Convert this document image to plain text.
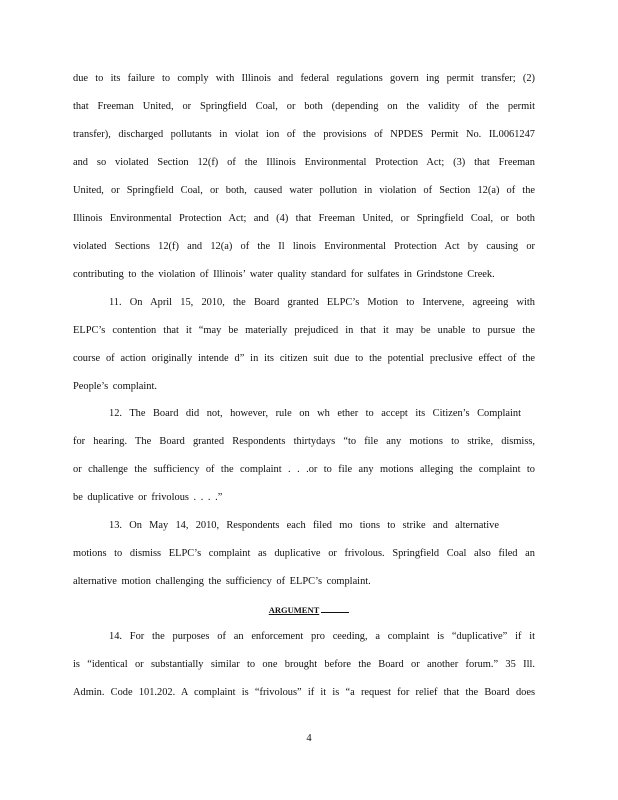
due to its failure to comply with Illinois and federal regulations govern ing permit transfer; (2)
that Freeman United, or Springfield Coal, or both (depending on the validity of the permit
transfer), discharged pollutants in violat ion of the provisions of NPDES Permit No. IL0061247
and so violated Section 12(f) of the Illinois Environmental Protection Act; (3) that Freeman
United, or Springfield Coal, or both, caused water pollution in violation of Section 12(a) of the
Illinois Environmental Protection Act; and (4) that Freeman United, or Springfield Coal, or both
violated Sections 12(f) and 12(a) of the Il linois Environmental Protection Act by causing or
contributing to the violation of Illinois’ water quality standard for sulfates in Grindstone Creek.
11. On April 15, 2010, the Board granted ELPC’s Motion to Intervene, agreeing with
ELPC’s contention that it “may be materially prejudiced in that it may be unable to pursue the
course of action originally intende d” in its citizen suit due to the potential preclusive effect of the
People’s complaint.
12. The Board did not, however, rule on wh ether to accept its Citizen’s Complaint
for hearing. The Board granted Respondents thirtydays “to file any motions to strike, dismiss,
or challenge the sufficiency of the complaint . . .or to file any motions alleging the complaint to
be duplicative or frivolous . . . .”
13. On May 14, 2010, Respondents each filed mo tions to strike and alternative
motions to dismiss ELPC’s complaint as duplicative or frivolous. Springfield Coal also filed an
alternative motion challenging the sufficiency of ELPC’s complaint.
ARGUMENT
14. For the purposes of an enforcement pro ceeding, a complaint is “duplicative” if it
is “identical or substantially similar to one brought before the Board or another forum.” 35 Ill.
Admin. Code 101.202. A complaint is “frivolous” if it is “a request for relief that the Board does
4
